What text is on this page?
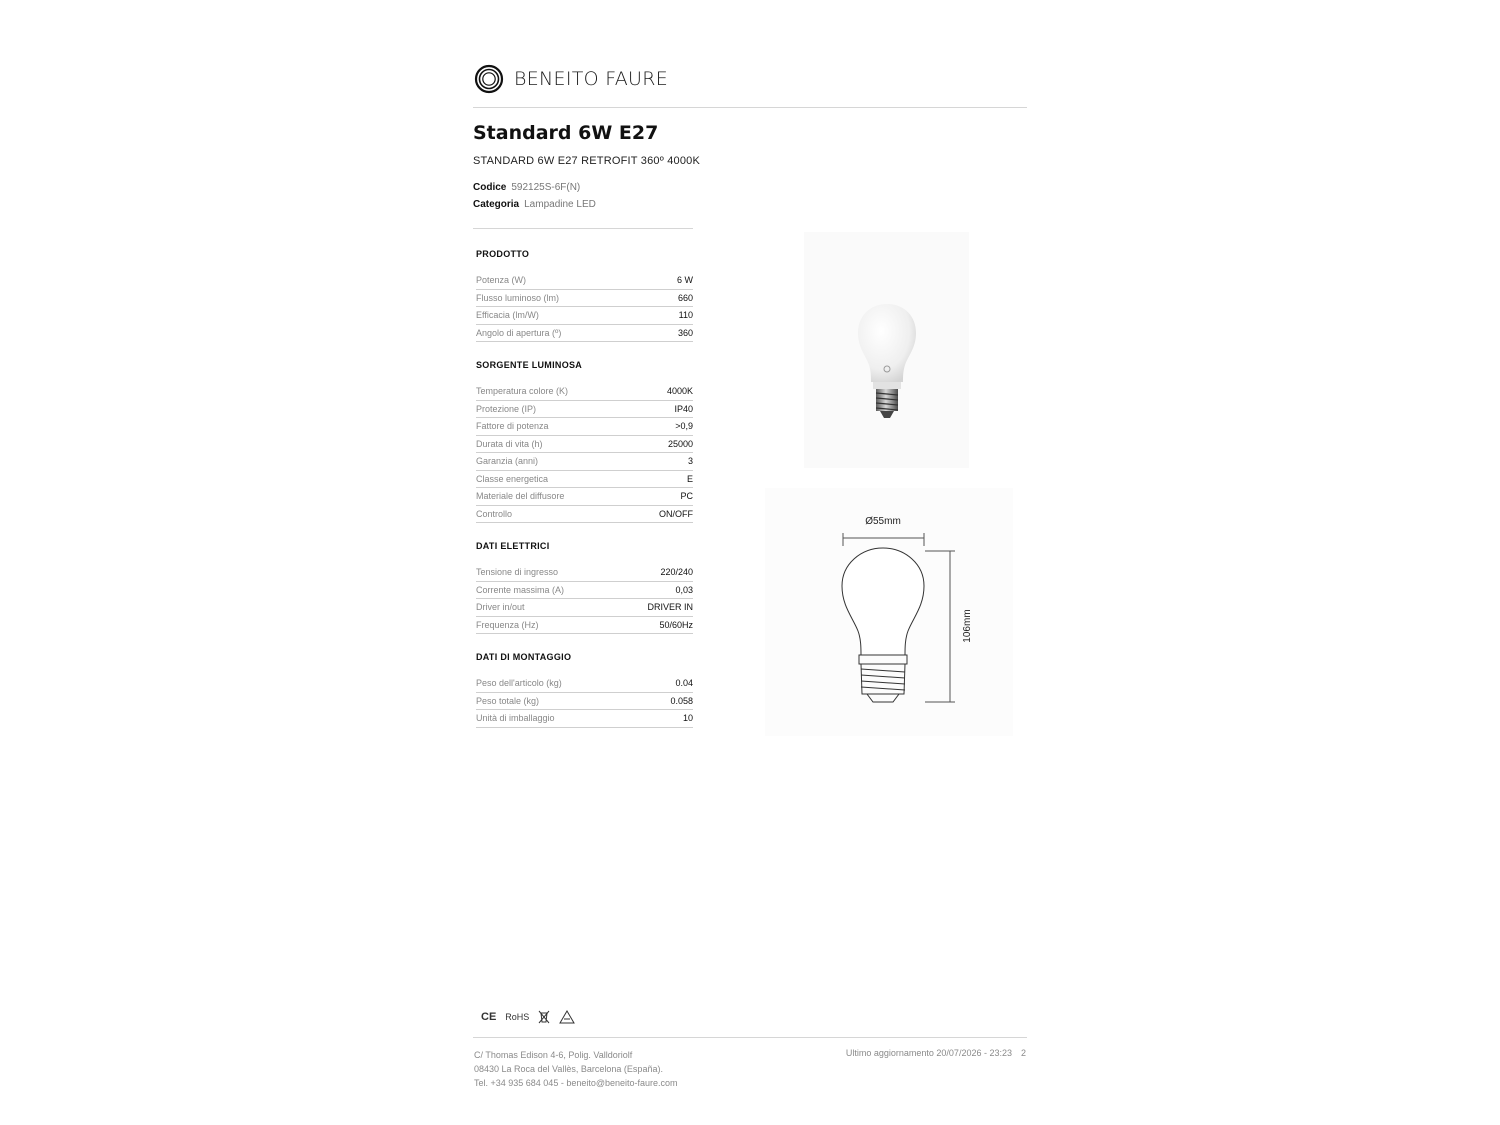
BENEITO FAURE
Standard 6W E27
STANDARD 6W E27 RETROFIT 360º 4000K
Codice 592125S-6F(N)
Categoria Lampadine LED
PRODOTTO
Potenza (W)	6 W
Flusso luminoso (lm)	660
Efficacia (lm/W)	110
Angolo di apertura (º)	360
SORGENTE LUMINOSA
Temperatura colore (K)	4000K
Protezione (IP)	IP40
Fattore di potenza	>0,9
Durata di vita (h)	25000
Garanzia (anni)	3
Classe energetica	E
Materiale del diffusore	PC
Controllo	ON/OFF
DATI ELETTRICI
Tensione di ingresso	220/240
Corrente massima (A)	0,03
Driver in/out	DRIVER IN
Frequenza (Hz)	50/60Hz
DATI DI MONTAGGIO
Peso dell'articolo (kg)	0.04
Peso totale (kg)	0.058
Unità di imballaggio	10
Ø55mm
106mm
CE RoHS
C/ Thomas Edison 4-6, Polig. Valldoriolf
08430 La Roca del Vallès, Barcelona (España).
Tel. +34 935 684 045 - beneito@beneito-faure.com
Ultimo aggiornamento 20/07/2026 - 23:23 2
